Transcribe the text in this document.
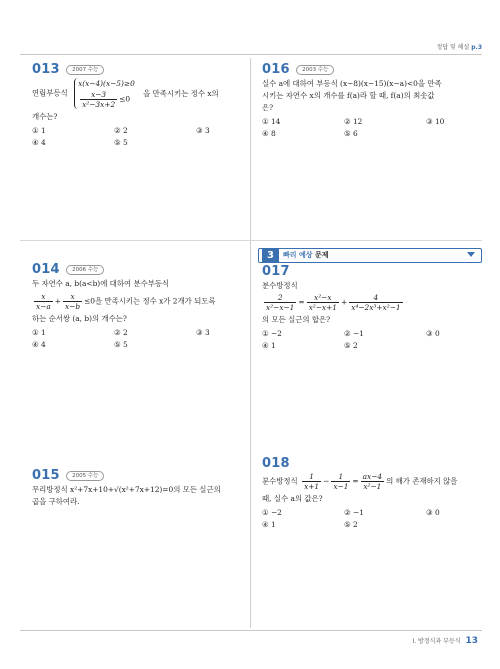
정답 및 해설 p.3
013 2007 수능
연립부등식
x(x−4)(x−5)≥0
$\frac{x-3}{\text{x²−3x+2}} \le 0$
을 만족시키는 정수 x의
개수는?
① 1	② 2	③ 3
④ 4	⑤ 5
016 2003 수능
실수 a에 대하여 부등식 (x−8)(x−15)(x−a)<0을 만족
시키는 자연수 x의 개수를 f(a)라 할 때, f(a)의 최솟값
은?
① 14	② 12	③ 10
④ 8	⑤ 6
014 2006 수능
두 자연수 a, b(a<b)에 대하여 분수부등식
$\frac{x}{x-a} + \frac{x}{x-b} \le 0$을 만족시키는 정수 x가 2개가 되도록
하는 순서쌍 (a, b)의 개수는?
① 1	② 2	③ 3
④ 4	⑤ 5
3	빠리 예상 문제
017
분수방정식
$\frac{2}{\text{x²−x−1}} = \frac{\text{x²−x}}{\text{x²−x+1}} + \frac{4}{\text{x⁴−2x³+x²−1}}$
의 모든 실근의 합은?
① −2	② −1	③ 0
④ 1	⑤ 2
015 2005 수능
무리방정식 x²+7x+10+√(x²+7x+12)=0의 모든 실근의
곱을 구하여라.
018
분수방정식 $\frac{1}{x+1} - \frac{1}{x-1} = \frac{ax-4}{\text{x²−1}}$ 의 해가 존재하지 않을
때, 실수 a의 값은?
① −2	② −1	③ 0
④ 1	⑤ 2
I. 방정식과 부등식 13
